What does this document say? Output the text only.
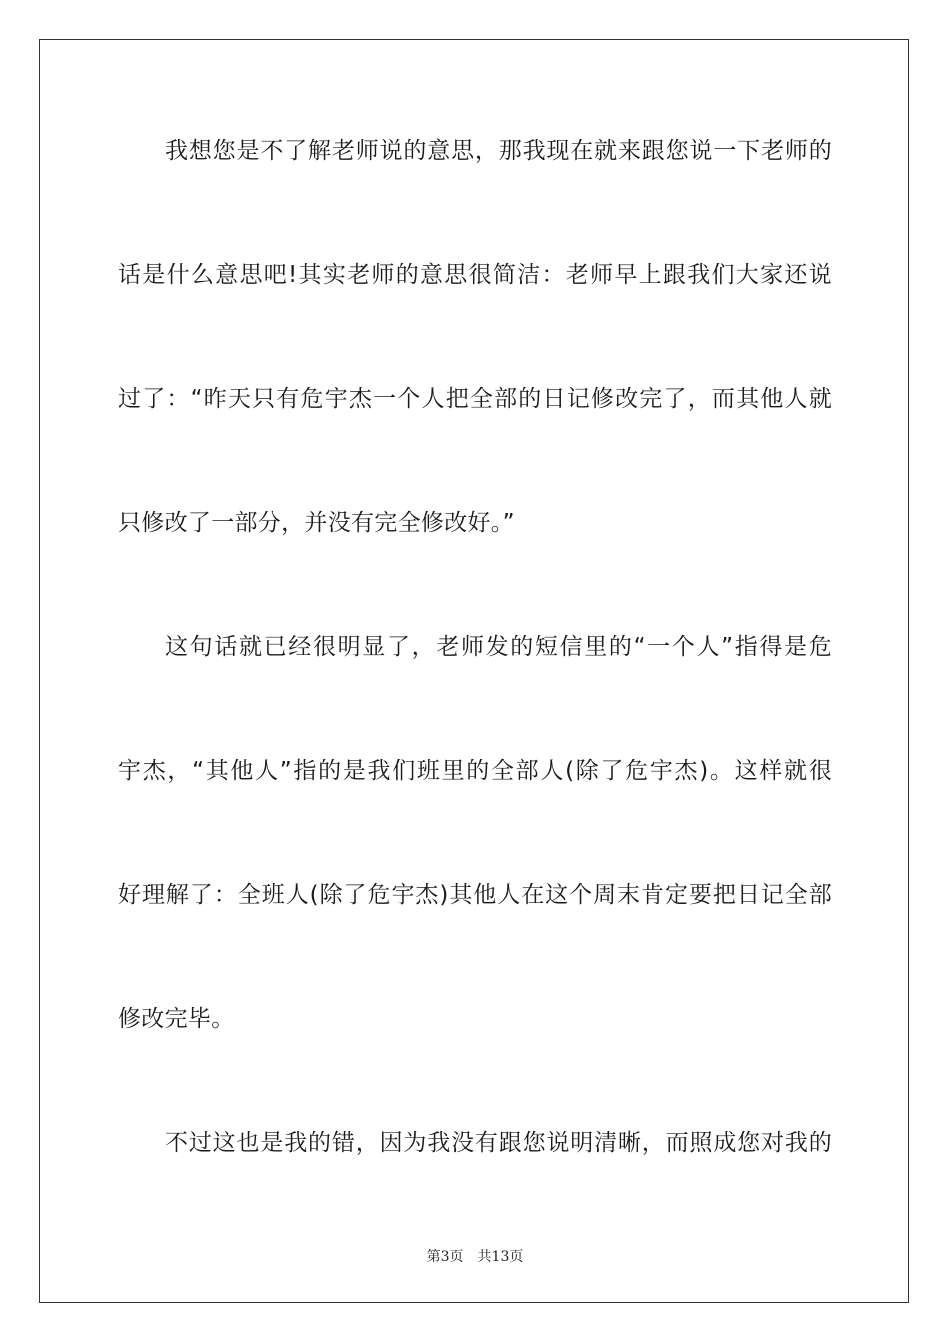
我想您是不了解老师说的意思，那我现在就来跟您说一下老师的
话是什么意思吧!其实老师的意思很简洁：老师早上跟我们大家还说
过了：“昨天只有危宇杰一个人把全部的日记修改完了，而其他人就
只修改了一部分，并没有完全修改好。”
这句话就已经很明显了，老师发的短信里的“一个人”指得是危
宇杰，“其他人”指的是我们班里的全部人(除了危宇杰)。这样就很
好理解了：全班人(除了危宇杰)其他人在这个周末肯定要把日记全部
修改完毕。
不过这也是我的错，因为我没有跟您说明清晰，而照成您对我的
第3页 共13页
